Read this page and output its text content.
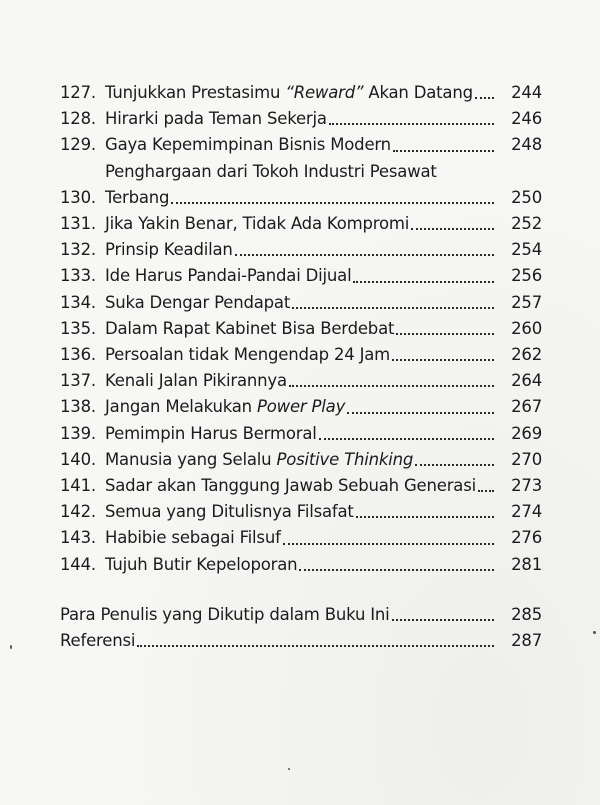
127. Tunjukkan Prestasimu “Reward” Akan Datang	244
128. Hirarki pada Teman Sekerja	246
129. Gaya Kepemimpinan Bisnis Modern	248
130.
Penghargaan dari Tokoh Industri Pesawat
Terbang	250
131. Jika Yakin Benar, Tidak Ada Kompromi	252
132. Prinsip Keadilan	254
133. Ide Harus Pandai-Pandai Dijual	256
134. Suka Dengar Pendapat	257
135. Dalam Rapat Kabinet Bisa Berdebat	260
136. Persoalan tidak Mengendap 24 Jam	262
137. Kenali Jalan Pikirannya	264
138. Jangan Melakukan Power Play	267
139. Pemimpin Harus Bermoral	269
140. Manusia yang Selalu Positive Thinking	270
141. Sadar akan Tanggung Jawab Sebuah Generasi	273
142. Semua yang Ditulisnya Filsafat	274
143. Habibie sebagai Filsuf	276
144. Tujuh Butir Kepeloporan	281
Para Penulis yang Dikutip dalam Buku Ini	285
Referensi	287
